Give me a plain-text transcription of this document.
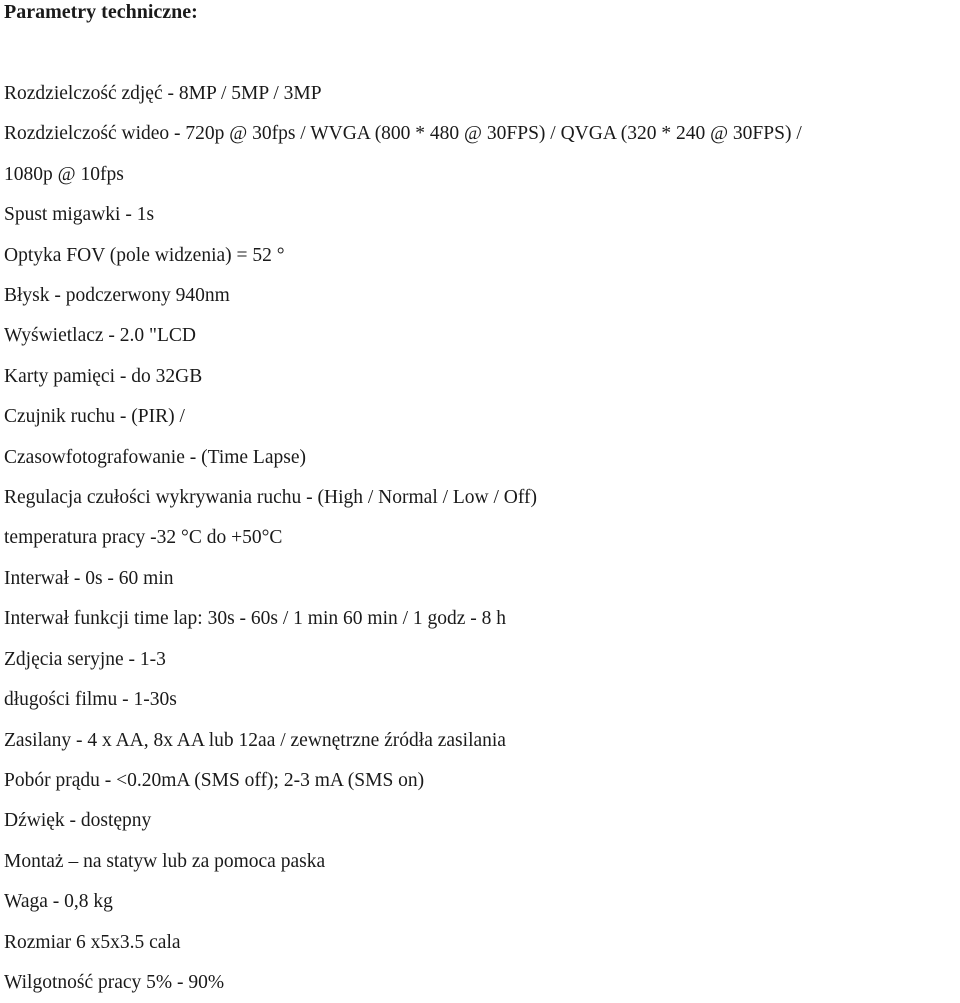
Parametry techniczne:
Rozdzielczość zdjęć - 8MP / 5MP / 3MP
Rozdzielczość wideo - 720p @ 30fps / WVGA (800 * 480 @ 30FPS) / QVGA (320 * 240 @ 30FPS) /
1080p @ 10fps
Spust migawki - 1s
Optyka FOV (pole widzenia) = 52 °
Błysk - podczerwony 940nm
Wyświetlacz - 2.0 "LCD
Karty pamięci - do 32GB
Czujnik ruchu - (PIR) /
Czasowfotografowanie - (Time Lapse)
Regulacja czułości wykrywania ruchu - (High / Normal / Low / Off)
temperatura pracy -32 °C do +50°C
Interwał - 0s - 60 min
Interwał funkcji time lap: 30s - 60s / 1 min 60 min / 1 godz - 8 h
Zdjęcia seryjne - 1-3
długości filmu - 1-30s
Zasilany - 4 x AA, 8x AA lub 12aa / zewnętrzne źródła zasilania
Pobór prądu - <0.20mA (SMS off); 2-3 mA (SMS on)
Dźwięk - dostępny
Montaż – na statyw lub za pomoca paska
Waga - 0,8 kg
Rozmiar 6 x5x3.5 cala
Wilgotność pracy 5% - 90%
